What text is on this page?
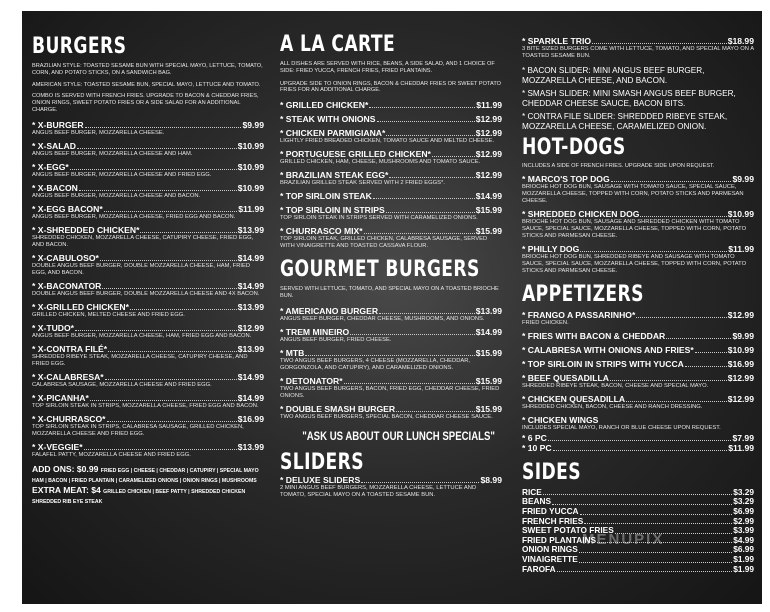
BURGERS
BRAZILIAN STYLE: TOASTED SESAME BUN WITH SPECIAL MAYO, LETTUCE, TOMATO, CORN, AND POTATO STICKS, ON A SANDWICH BAG.
AMERICAN STYLE: TOASTED SESAME BUN, SPECIAL MAYO, LETTUCE AND TOMATO.
COMBO IS SERVED WITH FRENCH FRIES. UPGRADE TO BACON & CHEDDAR FRIES, ONION RINGS, SWEET POTATO FRIES OR A SIDE SALAD FOR AN ADDITIONAL CHARGE.
* X-BURGER	$9.99
ANGUS BEEF BURGER, MOZZARELLA CHEESE.
* X-SALAD	$10.99
ANGUS BEEF BURGER, MOZZARELLA CHEESE AND HAM.
* X-EGG*	$10.99
ANGUS BEEF BURGER, MOZZARELLA CHEESE AND FRIED EGG.
* X-BACON	$10.99
ANGUS BEEF BURGER, MOZZARELLA CHEESE AND BACON.
* X-EGG BACON*	$11.99
ANGUS BEEF BURGER, MOZZARELLA CHEESE, FRIED EGG AND BACON.
* X-SHREDDED CHICKEN*	$13.99
SHREDDED CHICKEN, MOZZARELLA CHEESE, CATUPIRY CHEESE, FRIED EGG, AND BACON.
* X-CABULOSO*	$14.99
DOUBLE ANGUS BEEF BURGER, DOUBLE MOZZARELLA CHEESE, HAM, FRIED EGG, AND BACON.
* X-BACONATOR	$14.99
DOUBLE ANGUS BEEF BURGER, DOUBLE MOZZARELLA CHEESE AND 4X BACON.
* X-GRILLED CHICKEN*	$13.99
GRILLED CHICKEN, MELTED CHEESE AND FRIED EGG.
* X-TUDO*	$12.99
ANGUS BEEF BURGER, MOZZARELLA CHEESE, HAM, FRIED EGG AND BACON.
* X-CONTRA FILÉ*	$13.99
SHREDDED RIBEYE STEAK, MOZZARELLA CHEESE, CATUPIRY CHEESE, AND FRIED EGG.
* X-CALABRESA*	$14.99
CALABRESA SAUSAGE, MOZZARELLA CHEESE AND FRIED EGG.
* X-PICANHA*	$14.99
TOP SIRLOIN STEAK IN STRIPS, MOZZARELLA CHEESE, FRIED EGG AND BACON.
* X-CHURRASCO*	$16.99
TOP SIRLOIN STEAK IN STRIPS, CALABRESA SAUSAGE, GRILLED CHICKEN, MOZZARELLA CHEESE AND FRIED EGG.
* X-VEGGIE*	$13.99
FALAFEL PATTY, MOZZARELLA CHEESE AND FRIED EGG.
ADD ONS: $0.99 FRIED EGG | CHEESE | CHEDDAR | CATUPIRY | SPECIAL MAYO HAM | BACON | FRIED PLANTAIN | CARAMELIZED ONIONS | ONION RINGS | MUSHROOMS
EXTRA MEAT: $4 GRILLED CHICKEN | BEEF PATTY | SHREDDED CHICKEN SHREDDED RIB EYE STEAK
A LA CARTE
ALL DISHES ARE SERVED WITH RICE, BEANS, A SIDE SALAD, AND 1 CHOICE OF SIDE: FRIED YUCCA, FRENCH FRIES, FRIED PLANTAINS.
UPGRADE SIDE TO ONION RINGS, BACON & CHEDDAR FRIES OR SWEET POTATO FRIES FOR AN ADDITIONAL CHARGE.
* GRILLED CHICKEN*	$11.99
* STEAK WITH ONIONS	$12.99
* CHICKEN PARMIGIANA*	$12.99
LIGHTLY FRIED BREADED CHICKEN, TOMATO SAUCE AND MELTED CHEESE.
* PORTUGUESE GRILLED CHICKEN*	$12.99
GRILLED CHICKEN, HAM, CHEESE, MUSHROOMS AND TOMATO SAUCE.
* BRAZILIAN STEAK EGG*	$12.99
BRAZILIAN GRILLED STEAK SERVED WITH 2 FRIED EGGS*.
* TOP SIRLOIN STEAK	$14.99
* TOP SIRLOIN IN STRIPS	$15.99
TOP SIRLOIN STEAK IN STRIPS SERVED WITH CARAMELIZED ONIONS.
* CHURRASCO MIX*	$15.99
TOP SIRLOIN STEAK, GRILLED CHICKEN, CALABRESA SAUSAGE, SERVED WITH VINAIGRETTE AND TOASTED CASSAVA FLOUR.
GOURMET BURGERS
SERVED WITH LETTUCE, TOMATO, AND SPECIAL MAYO ON A TOASTED BRIOCHE BUN.
* AMERICANO BURGER	$13.99
ANGUS BEEF BURGER, CHEDDAR CHEESE, MUSHROOMS, AND ONIONS.
* TREM MINEIRO	$14.99
ANGUS BEEF BURGER, FRIED CHEESE.
* MTB	$15.99
TWO ANGUS BEEF BURGERS, 4 CHEESE (MOZZARELLA, CHEDDAR, GORGONZOLA, AND CATUPIRY), AND CARAMELIZED ONIONS.
* DETONATOR*	$15.99
TWO ANGUS BEEF BURGERS, BACON, FRIED EGG, CHEDDAR CHEESE, FRIED ONIONS.
* DOUBLE SMASH BURGER	$15.99
TWO ANGUS BEEF BURGERS, SPECIAL BACON, CHEDDAR CHEESE SAUCE.
"ASK US ABOUT OUR LUNCH SPECIALS"
SLIDERS
* DELUXE SLIDERS	$8.99
2 MINI ANGUS BEEF BURGERS, MOZZARELLA CHEESE, LETTUCE AND TOMATO, SPECIAL MAYO ON A TOASTED SESAME BUN.
* SPARKLE TRIO	$18.99
3 BITE SIZED BURGERS COME WITH LETTUCE, TOMATO, AND SPECIAL MAYO ON A TOASTED SESAME BUN.
* BACON SLIDER: MINI ANGUS BEEF BURGER, MOZZARELLA CHEESE, AND BACON.
* SMASH SLIDER: MINI SMASH ANGUS BEEF BURGER, CHEDDAR CHEESE SAUCE, BACON BITS.
* CONTRA FILE SLIDER: SHREDDED RIBEYE STEAK, MOZZARELLA CHEESE, CARAMELIZED ONION.
HOT-DOGS
INCLUDES A SIDE OF FRENCH FRIES. UPGRADE SIDE UPON REQUEST.
* MARCO'S TOP DOG	$9.99
BRIOCHE HOT DOG BUN, SAUSAGE WITH TOMATO SAUCE, SPECIAL SAUCE, MOZZARELLA CHEESE, TOPPED WITH CORN, POTATO STICKS AND PARMESAN CHEESE.
* SHREDDED CHICKEN DOG	$10.99
BRIOCHE HOT DOG BUN, SAUSAGE AND SHREDDED CHICKEN WITH TOMATO SAUCE, SPECIAL SAUCE, MOZZARELLA CHEESE, TOPPED WITH CORN, POTATO STICKS AND PARMESAN CHEESE.
* PHILLY DOG	$11.99
BRIOCHE HOT DOG BUN, SHREDDED RIBEYE AND SAUSAGE WITH TOMATO SAUCE, SPECIAL SAUCE, MOZZARELLA CHEESE, TOPPED WITH CORN, POTATO STICKS AND PARMESAN CHEESE.
APPETIZERS
* FRANGO A PASSARINHO*	$12.99
FRIED CHICKEN.
* FRIES WITH BACON & CHEDDAR	$9.99
* CALABRESA WITH ONIONS AND FRIES*	$10.99
* TOP SIRLOIN IN STRIPS WITH YUCCA	$16.99
* BEEF QUESADILLA	$12.99
SHREDDED RIBEYE STEAK, BACON, CHEESE AND SPECIAL MAYO.
* CHICKEN QUESADILLA	$12.99
SHREDDED CHICKEN, BACON, CHEESE AND RANCH DRESSING.
* CHICKEN WINGS
INCLUDES SPECIAL MAYO, RANCH OR BLUE CHEESE UPON REQUEST.
* 6 PC	$7.99
* 10 PC	$11.99
SIDES
RICE	$3.29
BEANS	$3.29
FRIED YUCCA	$6.99
FRENCH FRIES	$2.99
SWEET POTATO FRIES	$3.99
FRIED PLANTAINS	$4.99
ONION RINGS	$6.99
VINAIGRETTE	$1.99
FAROFA	$1.99
MENUPIX
